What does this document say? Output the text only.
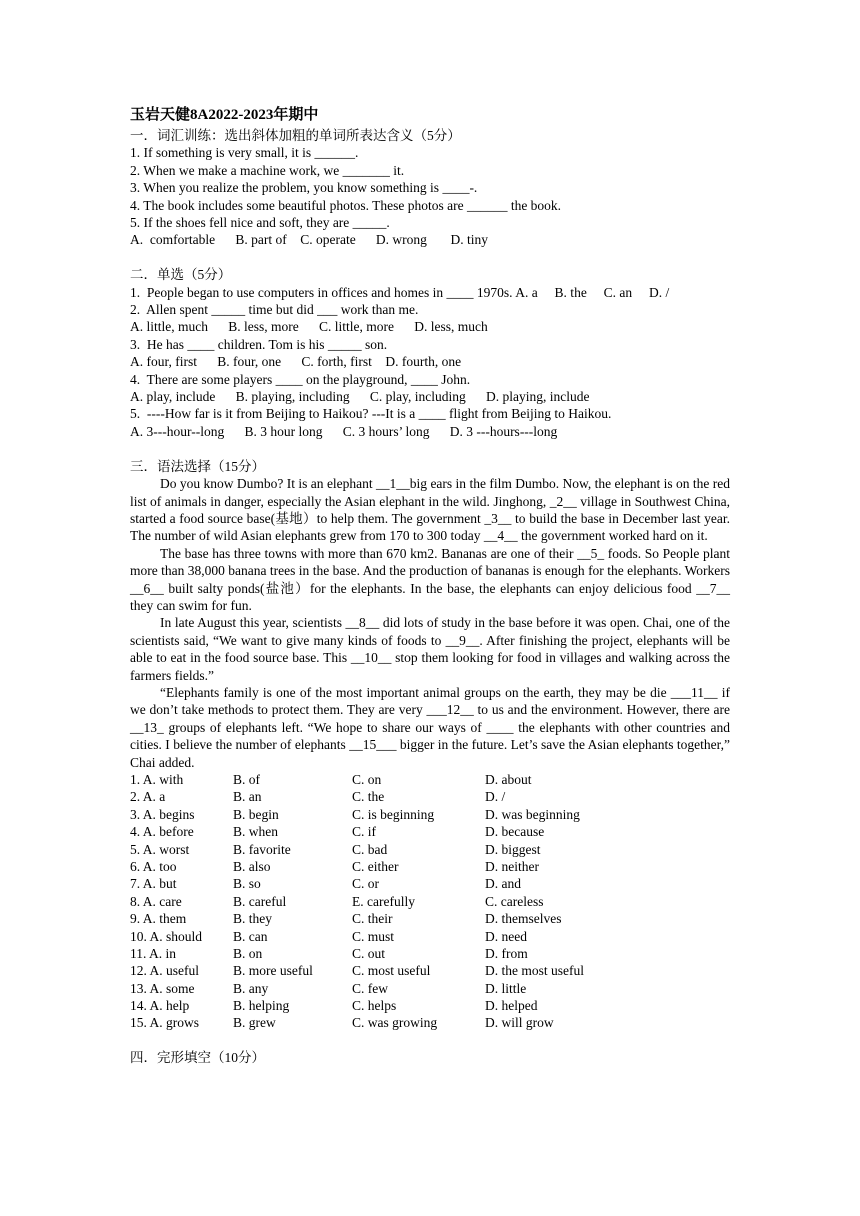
玉岩天健8A2022-2023年期中
一．词汇训练：选出斜体加粗的单词所表达含义（5分）
1. If something is very small, it is ______.
2. When we make a machine work, we _______ it.
3. When you realize the problem, you know something is ____-.
4. The book includes some beautiful photos. These photos are ______ the book.
5. If the shoes fell nice and soft, they are _____.
A.  comfortable      B. part of    C. operate      D. wrong       D. tiny
二．单选（5分）
1.  People began to use computers in offices and homes in ____ 1970s. A. a     B. the     C. an     D. /
2.  Allen spent _____ time but did ___ work than me.
A. little, much      B. less, more      C. little, more      D. less, much
3.  He has ____ children. Tom is his _____ son.
A. four, first      B. four, one      C. forth, first    D. fourth, one
4.  There are some players ____ on the playground, ____ John.
A. play, include      B. playing, including      C. play, including      D. playing, include
5.  ----How far is it from Beijing to Haikou? ---It is a ____ flight from Beijing to Haikou.
A. 3---hour--long      B. 3 hour long      C. 3 hours’ long      D. 3 ---hours---long
三．语法选择（15分）
Do you know Dumbo? It is an elephant __1__big ears in the film Dumbo. Now, the elephant is on the red list of animals in danger, especially the Asian elephant in the wild. Jinghong, _2__ village in Southwest China, started a food source base(基地）to help them. The government _3__ to build the base in December last year. The number of wild Asian elephants grew from 170 to 300 today __4__ the government worked hard on it.
The base has three towns with more than 670 km2. Bananas are one of their __5_ foods. So People plant more than 38,000 banana trees in the base. And the production of bananas is enough for the elephants. Workers __6__ built salty ponds(盐池）for the elephants. In the base, the elephants can enjoy delicious food __7__ they can swim for fun.
In late August this year, scientists __8__ did lots of study in the base before it was open. Chai, one of the scientists said, “We want to give many kinds of foods to __9__. After finishing the project, elephants will be able to eat in the food source base. This __10__ stop them looking for food in villages and walking across the farmers fields.”
“Elephants family is one of the most important animal groups on the earth, they may be die ___11__ if we don’t take methods to protect them. They are very ___12__ to us and the environment. However, there are __13_ groups of elephants left. “We hope to share our ways of ____ the elephants with other countries and cities. I believe the number of elephants __15___ bigger in the future. Let’s save the Asian elephants together,” Chai added.
1. A. with	B. of	C. on	D. about
2. A. a	B. an	C. the	D. /
3. A. begins	B. begin	C. is beginning	D. was beginning
4. A. before	B. when	C. if	D. because
5. A. worst	B. favorite	C. bad	D. biggest
6. A. too	B. also	C. either	D. neither
7. A. but	B. so	C. or	D. and
8. A. care	B. careful	E. carefully	C. careless
9. A. them	B. they	C. their	D. themselves
10. A. should	B. can	C. must	D. need
11. A. in	B. on	C. out	D. from
12. A. useful	B. more useful	C. most useful	D. the most useful
13. A. some	B. any	C. few	D. little
14. A. help	B. helping	C. helps	D. helped
15. A. grows	B. grew	C. was growing	D. will grow
四．完形填空（10分）
